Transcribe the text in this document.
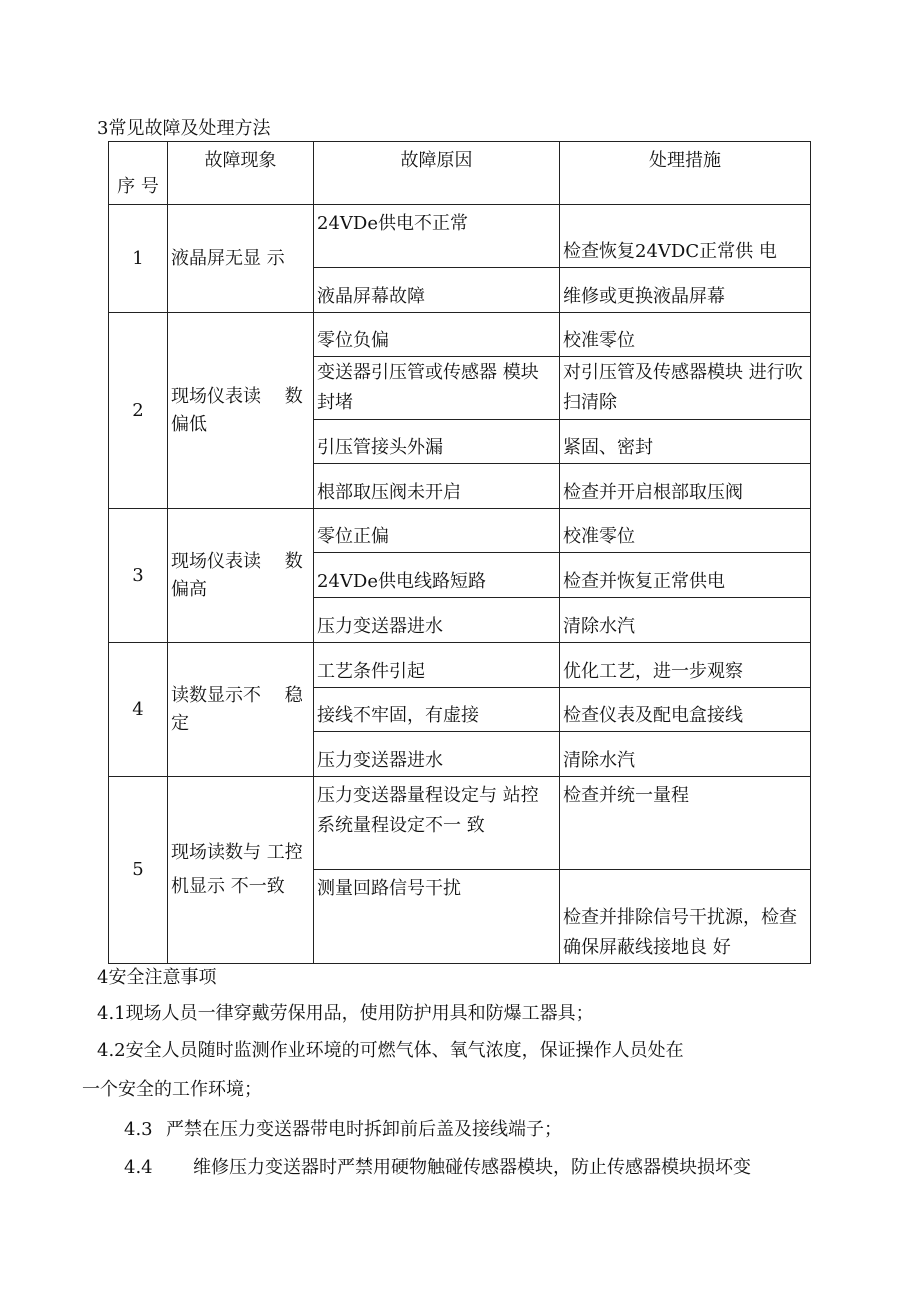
3常见故障及处理方法
序 号	故障现象	故障原因	处理措施
1	液晶屏无显 示	24VDe供电不正常	检查恢复24VDC正常供 电
		液晶屏幕故障	维修或更换液晶屏幕
2	现场仪表读　 数偏低	零位负偏	校准零位
		变送器引压管或传感器 模块封堵	对引压管及传感器模块 进行吹扫清除
		引压管接头外漏	紧固、密封
		根部取压阀未开启	检查并开启根部取压阀
3	现场仪表读　 数偏高	零位正偏	校准零位
		24VDe供电线路短路	检查并恢复正常供电
		压力变送器进水	清除水汽
4	读数显示不　 稳定	工艺条件引起	优化工艺，进一步观察
		接线不牢固，有虚接	检查仪表及配电盒接线
		压力变送器进水	清除水汽
5	现场读数与 工控机显示 不一致	压力变送器量程设定与 站控系统量程设定不一 致	检查并统一量程
		测量回路信号干扰	检查并排除信号干扰源，检查确保屏蔽线接地良 好
4安全注意事项
4.1现场人员一律穿戴劳保用品，使用防护用具和防爆工器具；
4.2安全人员随时监测作业环境的可燃气体、氧气浓度，保证操作人员处在
一个安全的工作环境；
4.3 严禁在压力变送器带电时拆卸前后盖及接线端子；
4.4 维修压力变送器时严禁用硬物触碰传感器模块，防止传感器模块损坏变
